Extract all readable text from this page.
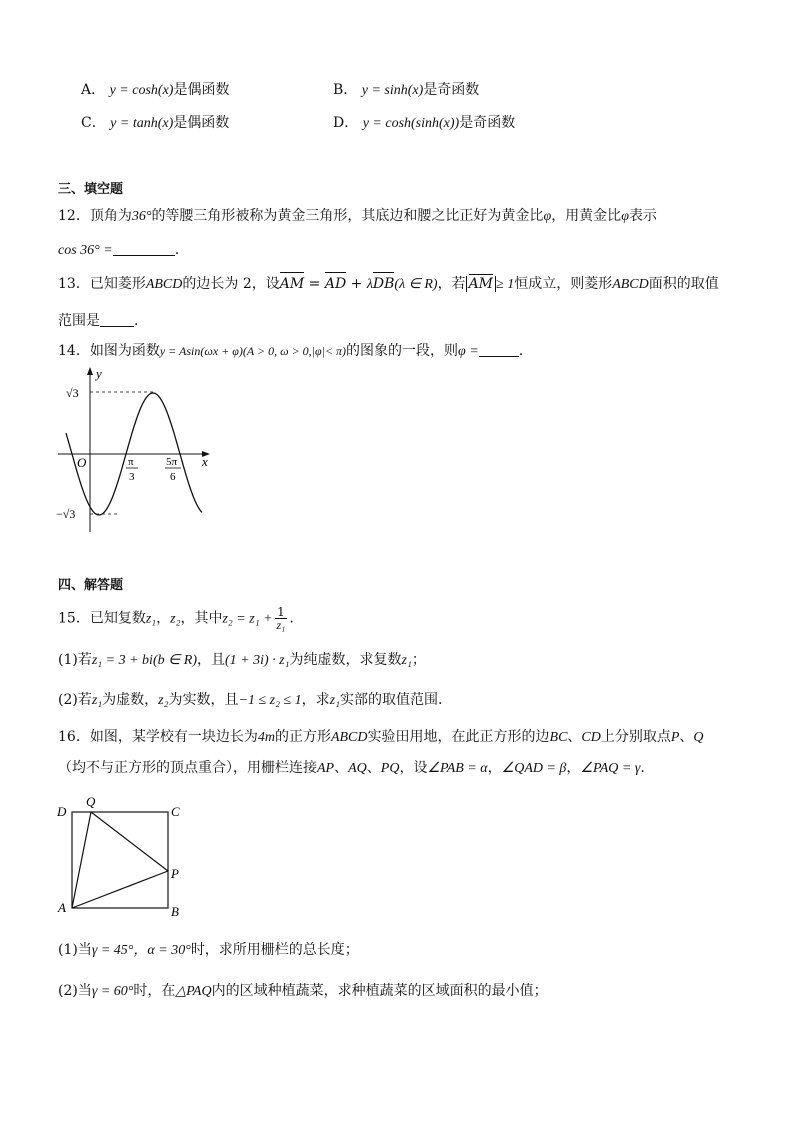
A． y = cosh(x)是偶函数	B． y = sinh(x)是奇函数
C． y = tanh(x)是偶函数	D． y = cosh(sinh(x))是奇函数
三、填空题
12．顶角为36°的等腰三角形被称为黄金三角形，其底边和腰之比正好为黄金比φ，用黄金比φ表示
cos 36° =	.
13．已知菱形ABCD的边长为 2，设AM = AD + λDB(λ ∈ R)，若 AM ≥ 1恒成立，则菱形ABCD面积的取值
范围是 .
14．如图为函数y = Asin(ωx + φ)(A > 0, ω > 0,|φ|< π)的图象的一段，则φ =	.
y
x
O
√3
−√3
π
3
5π
6
四、解答题
15．已知复数z₁，z₂，其中$z_2 = z_1 + \frac{1}{\text{z₁}}$ .
(1)若z₁ = 3 + bi(b ∈ R)，且(1 + 3i) · z₁为纯虚数，求复数z₁；
(2)若z₁为虚数，z₂为实数，且−1 ≤ z₂ ≤ 1，求z₁实部的取值范围.
16．如图，某学校有一块边长为4m的正方形ABCD实验田用地，在此正方形的边BC、CD上分别取点P、Q
（均不与正方形的顶点重合），用栅栏连接AP、AQ、PQ，设∠PAB = α，∠QAD = β，∠PAQ = γ.
D
Q
C
P
A	B
(1)当γ = 45°，α = 30°时，求所用栅栏的总长度；
(2)当γ = 60°时，在△PAQ内的区域种植蔬菜，求种植蔬菜的区域面积的最小值；
